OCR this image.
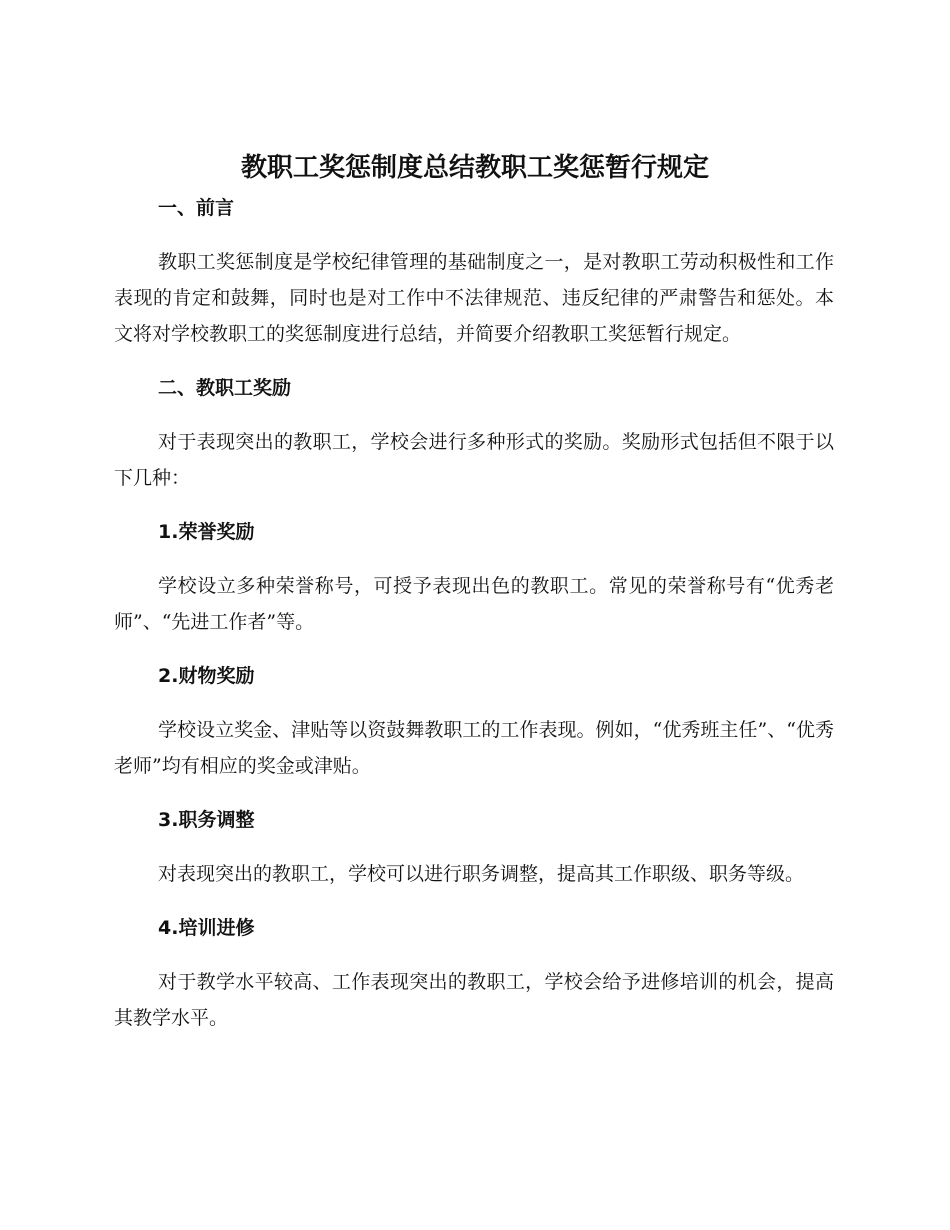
教职工奖惩制度总结教职工奖惩暂行规定
一、前言

教职工奖惩制度是学校纪律管理的基础制度之一，是对教职工劳动积极性和工作表现的肯定和鼓舞，同时也是对工作中不法律规范、违反纪律的严肃警告和惩处。本文将对学校教职工的奖惩制度进行总结，并简要介绍教职工奖惩暂行规定。

二、教职工奖励

对于表现突出的教职工，学校会进行多种形式的奖励。奖励形式包括但不限于以下几种：

1.荣誉奖励

学校设立多种荣誉称号，可授予表现出色的教职工。常见的荣誉称号有“优秀老师”、“先进工作者”等。

2.财物奖励

学校设立奖金、津贴等以资鼓舞教职工的工作表现。例如，“优秀班主任”、“优秀老师”均有相应的奖金或津贴。

3.职务调整

对表现突出的教职工，学校可以进行职务调整，提高其工作职级、职务等级。

4.培训进修

对于教学水平较高、工作表现突出的教职工，学校会给予进修培训的机会，提高其教学水平。
